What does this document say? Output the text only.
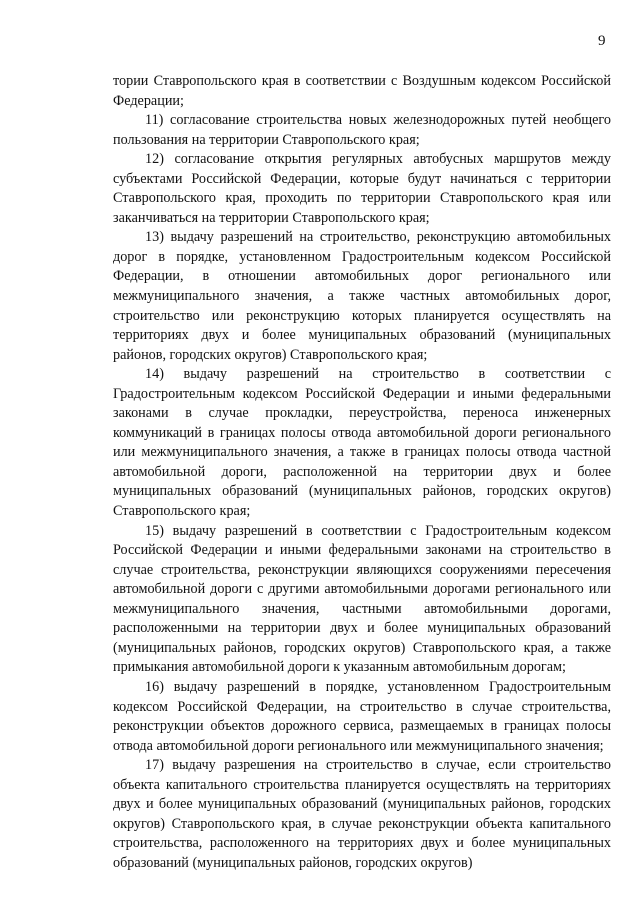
9

тории Ставропольского края в соответствии с Воздушным кодексом Российской Федерации;

11) согласование строительства новых железнодорожных путей необщего пользования на территории Ставропольского края;

12) согласование открытия регулярных автобусных маршрутов между субъектами Российской Федерации, которые будут начинаться с территории Ставропольского края, проходить по территории Ставропольского края или заканчиваться на территории Ставропольского края;

13) выдачу разрешений на строительство, реконструкцию автомобильных дорог в порядке, установленном Градостроительным кодексом Российской Федерации, в отношении автомобильных дорог регионального или межмуниципального значения, а также частных автомобильных дорог, строительство или реконструкцию которых планируется осуществлять на территориях двух и более муниципальных образований (муниципальных районов, городских округов) Ставропольского края;

14) выдачу разрешений на строительство в соответствии с Градостроительным кодексом Российской Федерации и иными федеральными законами в случае прокладки, переустройства, переноса инженерных коммуникаций в границах полосы отвода автомобильной дороги регионального или межмуниципального значения, а также в границах полосы отвода частной автомобильной дороги, расположенной на территории двух и более муниципальных образований (муниципальных районов, городских округов) Ставропольского края;

15) выдачу разрешений в соответствии с Градостроительным кодексом Российской Федерации и иными федеральными законами на строительство в случае строительства, реконструкции являющихся сооружениями пересечения автомобильной дороги с другими автомобильными дорогами регионального или межмуниципального значения, частными автомобильными дорогами, расположенными на территории двух и более муниципальных образований (муниципальных районов, городских округов) Ставропольского края, а также примыкания автомобильной дороги к указанным автомобильным дорогам;

16) выдачу разрешений в порядке, установленном Градостроительным кодексом Российской Федерации, на строительство в случае строительства, реконструкции объектов дорожного сервиса, размещаемых в границах полосы отвода автомобильной дороги регионального или межмуниципального значения;

17) выдачу разрешения на строительство в случае, если строительство объекта капитального строительства планируется осуществлять на территориях двух и более муниципальных образований (муниципальных районов, городских округов) Ставропольского края, в случае реконструкции объекта капитального строительства, расположенного на территориях двух и более муниципальных образований (муниципальных районов, городских округов)
